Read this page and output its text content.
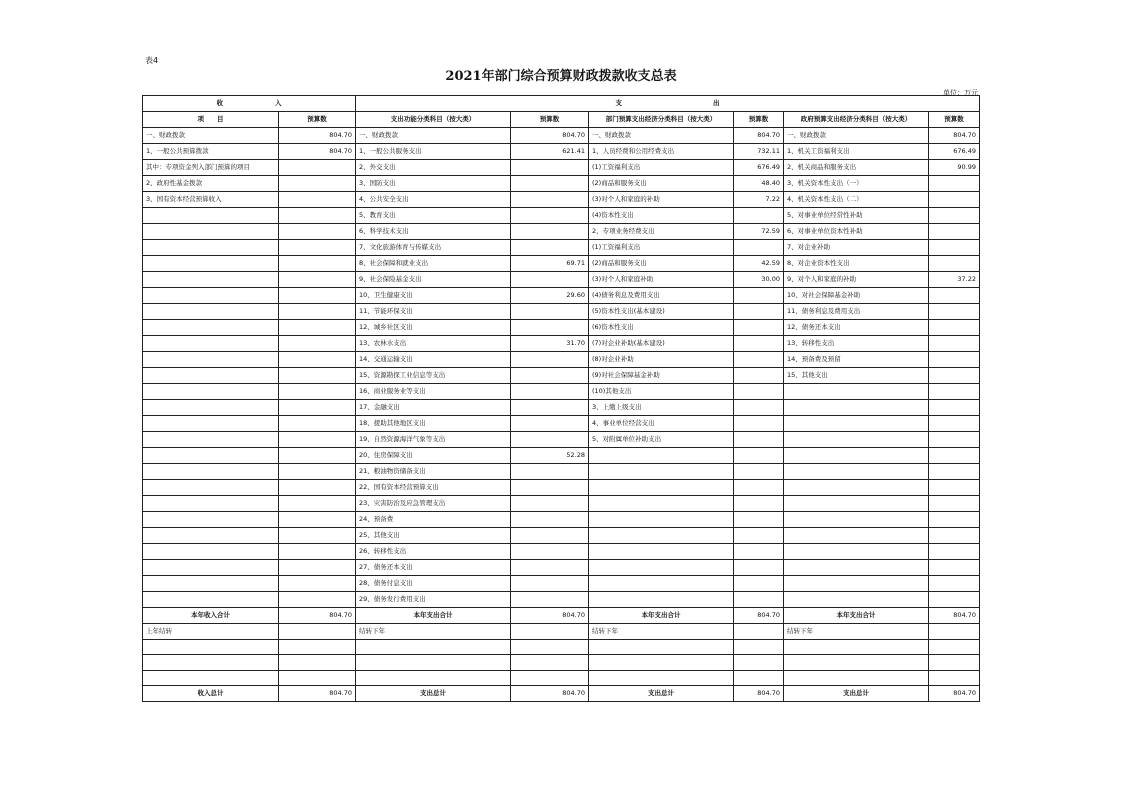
表4
2021年部门综合预算财政拨款收支总表
单位：万元
收　　　　　　　　入		支　　　　　　　　　　　　　　出					
项　　目	预算数	支出功能分类科目（按大类）	预算数	部门预算支出经济分类科目（按大类）	预算数	政府预算支出经济分类科目（按大类）	预算数
一、财政拨款	804.70	一、财政拨款	804.70	一、财政拨款	804.70	一、财政拨款	804.70
1、一般公共预算拨款	804.70	1、一般公共服务支出	621.41	1、人员经费和公用经费支出	732.11	1、机关工资福利支出	676.49
其中：专项资金列入部门预算的项目		2、外交支出		(1)工资福利支出	676.49	2、机关商品和服务支出	90.99
2、政府性基金拨款		3、国防支出		(2)商品和服务支出	48.40	3、机关资本性支出（一）	
3、国有资本经营预算收入		4、公共安全支出		(3)对个人和家庭的补助	7.22	4、机关资本性支出（二）	
		5、教育支出		(4)资本性支出		5、对事业单位经常性补助	
		6、科学技术支出		2、专项业务经费支出	72.59	6、对事业单位资本性补助	
		7、文化旅游体育与传媒支出		(1)工资福利支出		7、对企业补助	
		8、社会保障和就业支出	69.71	(2)商品和服务支出	42.59	8、对企业资本性支出	
		9、社会保险基金支出		(3)对个人和家庭补助	30.00	9、对个人和家庭的补助	37.22
		10、卫生健康支出	29.60	(4)债务利息及费用支出		10、对社会保障基金补助	
		11、节能环保支出		(5)资本性支出(基本建设)		11、债务利息及费用支出	
		12、城乡社区支出		(6)资本性支出		12、债务还本支出	
		13、农林水支出	31.70	(7)对企业补助(基本建设)		13、转移性支出	
		14、交通运输支出		(8)对企业补助		14、预备费及预留	
		15、资源勘探工业信息等支出		(9)对社会保障基金补助		15、其他支出	
		16、商业服务业等支出		(10)其他支出			
		17、金融支出		3、上缴上级支出			
		18、援助其他地区支出		4、事业单位经营支出			
		19、自然资源海洋气象等支出		5、对附属单位补助支出			
		20、住房保障支出	52.28				
		21、粮油物资储备支出					
		22、国有资本经营预算支出					
		23、灾害防治及应急管理支出					
		24、预备费					
		25、其他支出					
		26、转移性支出					
		27、债务还本支出					
		28、债务付息支出					
		29、债务发行费用支出					
本年收入合计	804.70	本年支出合计	804.70	本年支出合计	804.70	本年支出合计	804.70
上年结转		结转下年		结转下年		结转下年	

收入总计	804.70	支出总计	804.70	支出总计	804.70	支出总计	804.70
